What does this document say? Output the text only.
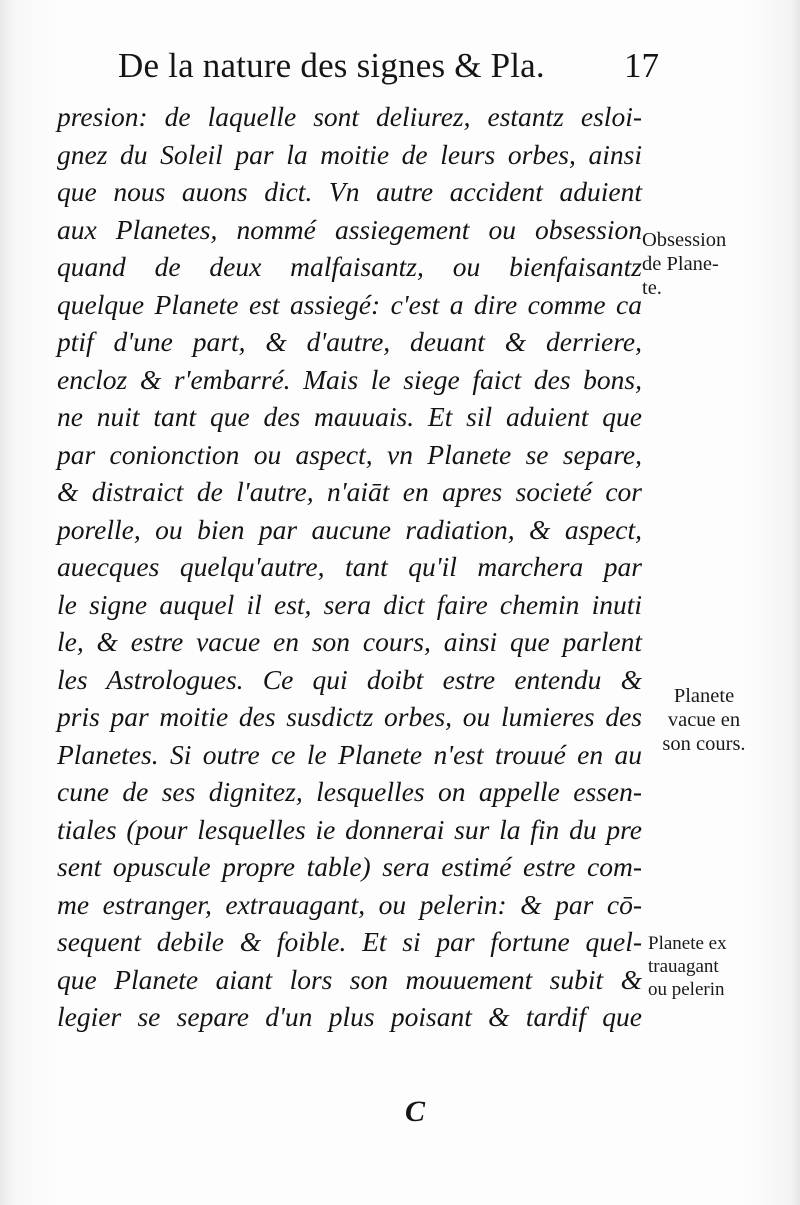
De la nature des signes & Pla. 17
presion: de laquelle sont deliurez, estantz esloi-
gnez du Soleil par la moitie de leurs orbes, ainsi
que nous auons dict. Vn autre accident aduient
aux Planetes, nommé assiegement ou obsession
quand de deux malfaisantz, ou bienfaisantz
quelque Planete est assiegé: c'est a dire comme ca
ptif d'une part, & d'autre, deuant & derriere,
encloz & r'embarré. Mais le siege faict des bons,
ne nuit tant que des mauuais. Et sil aduient que
par conionction ou aspect, vn Planete se separe,
& distraict de l'autre, n'aiāt en apres societé cor
porelle, ou bien par aucune radiation, & aspect,
auecques quelqu'autre, tant qu'il marchera par
le signe auquel il est, sera dict faire chemin inuti
le, & estre vacue en son cours, ainsi que parlent
les Astrologues. Ce qui doibt estre entendu &
pris par moitie des susdictz orbes, ou lumieres des
Planetes. Si outre ce le Planete n'est trouué en au
cune de ses dignitez, lesquelles on appelle essen-
tiales (pour lesquelles ie donnerai sur la fin du pre
sent opuscule propre table) sera estimé estre com-
me estranger, extrauagant, ou pelerin: & par cō-
sequent debile & foible. Et si par fortune quel-
que Planete aiant lors son mouuement subit &
legier se separe d'un plus poisant & tardif que
C
Obsession
de Plane-
te.
Planete
vacue en
son cours.
Planete ex
trauagant
ou pelerin
